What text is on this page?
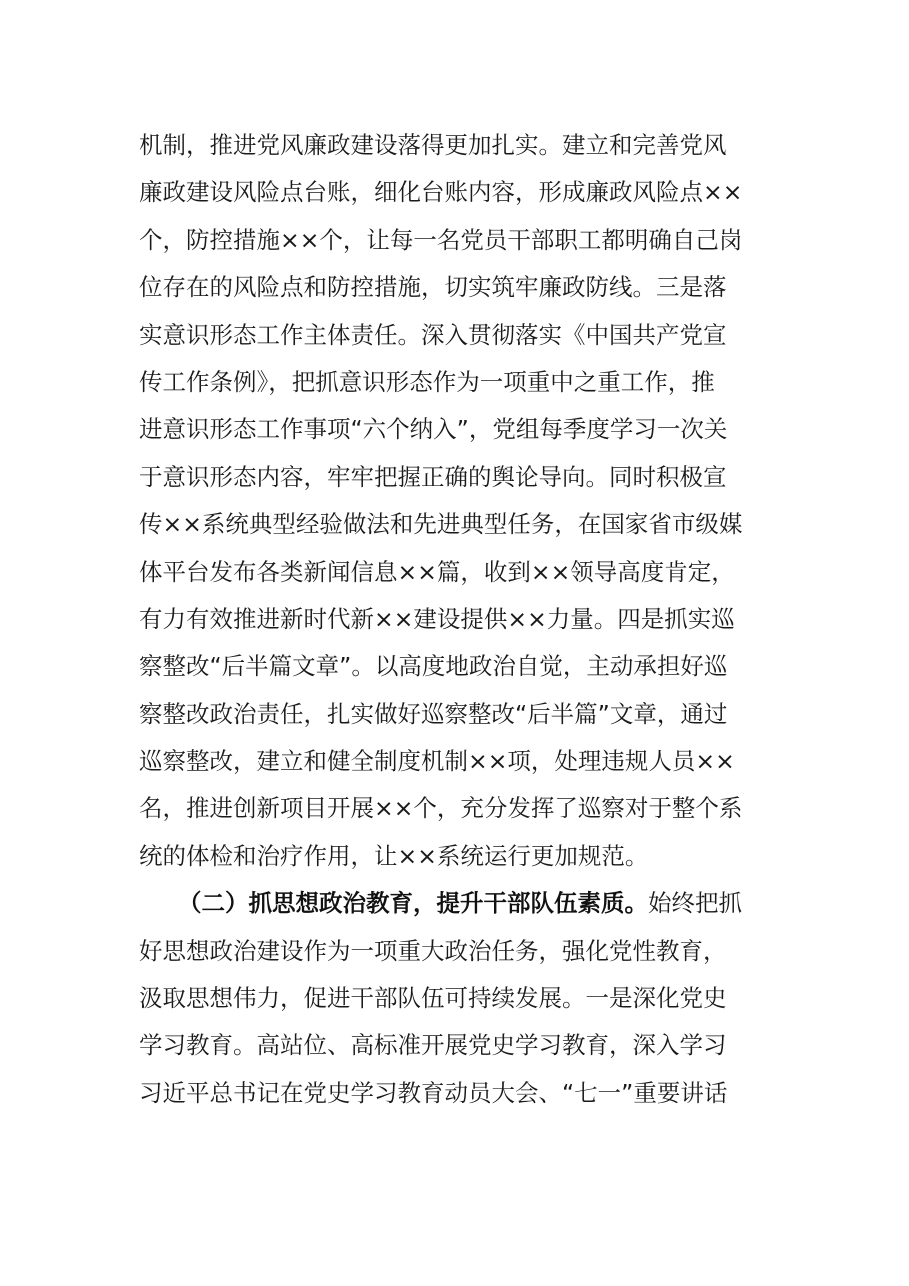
机制，推进党风廉政建设落得更加扎实。建立和完善党风
廉政建设风险点台账，细化台账内容，形成廉政风险点××
个，防控措施××个，让每一名党员干部职工都明确自己岗
位存在的风险点和防控措施，切实筑牢廉政防线。三是落
实意识形态工作主体责任。深入贯彻落实《中国共产党宣
传工作条例》，把抓意识形态作为一项重中之重工作，推
进意识形态工作事项“六个纳入”，党组每季度学习一次关
于意识形态内容，牢牢把握正确的舆论导向。同时积极宣
传××系统典型经验做法和先进典型任务，在国家省市级媒
体平台发布各类新闻信息××篇，收到××领导高度肯定，
有力有效推进新时代新××建设提供××力量。四是抓实巡
察整改“后半篇文章”。以高度地政治自觉，主动承担好巡
察整改政治责任，扎实做好巡察整改“后半篇”文章，通过
巡察整改，建立和健全制度机制××项，处理违规人员××
名，推进创新项目开展××个，充分发挥了巡察对于整个系
统的体检和治疗作用，让××系统运行更加规范。
（二）抓思想政治教育，提升干部队伍素质。始终把抓
好思想政治建设作为一项重大政治任务，强化党性教育，
汲取思想伟力，促进干部队伍可持续发展。一是深化党史
学习教育。高站位、高标准开展党史学习教育，深入学习
习近平总书记在党史学习教育动员大会、“七一”重要讲话
